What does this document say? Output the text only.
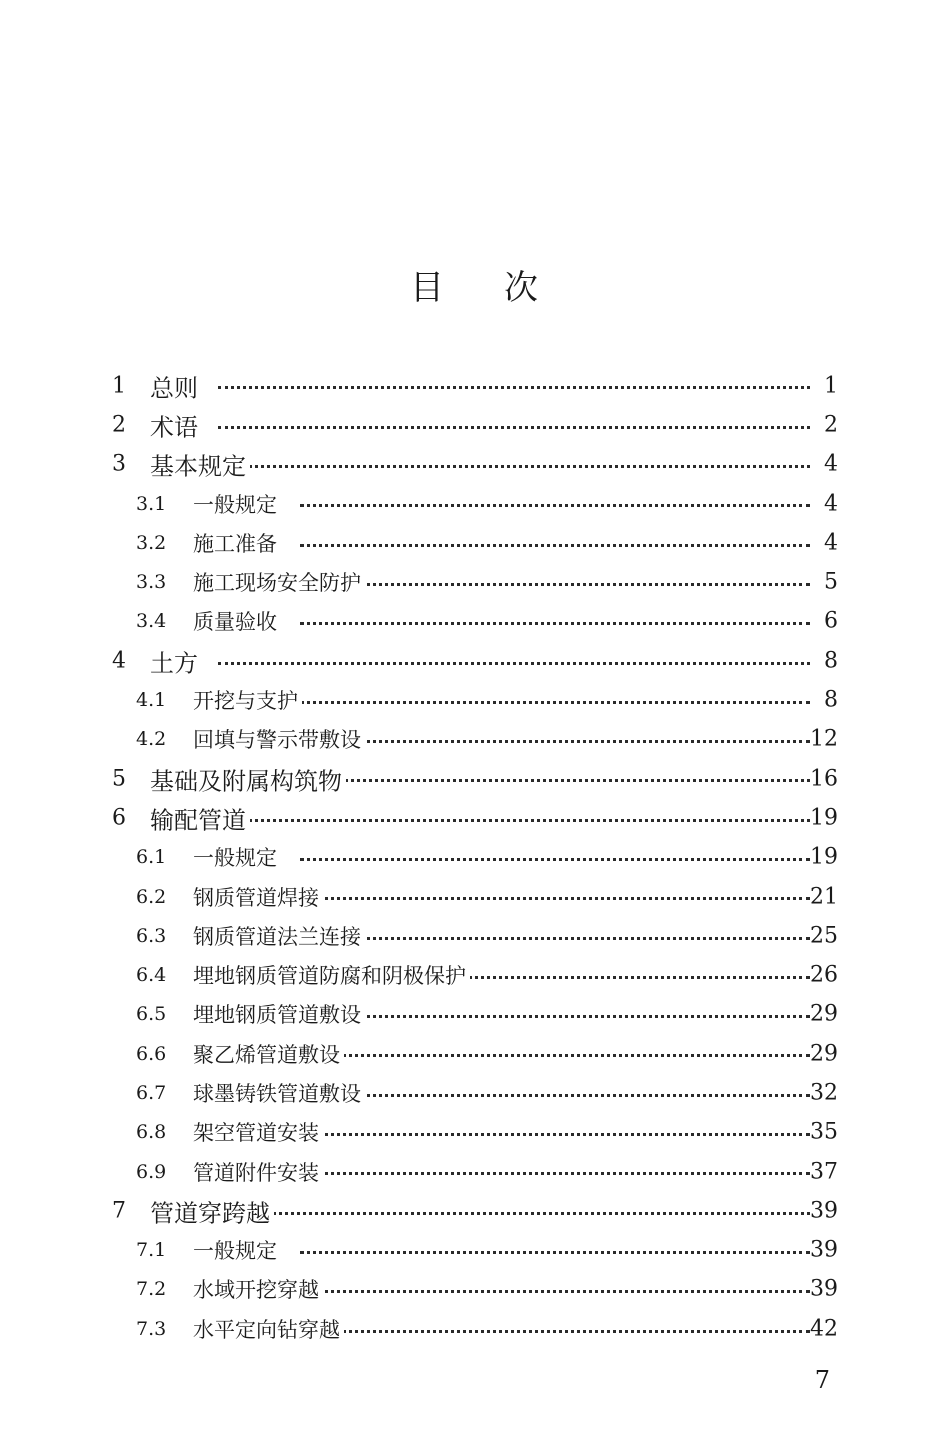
目 次
1 总则	1
2 术语	2
3 基本规定	4
3.1 一般规定	4
3.2 施工准备	4
3.3 施工现场安全防护	5
3.4 质量验收	6
4 土方	8
4.1 开挖与支护	8
4.2 回填与警示带敷设	12
5 基础及附属构筑物	16
6 输配管道	19
6.1 一般规定	19
6.2 钢质管道焊接	21
6.3 钢质管道法兰连接	25
6.4 埋地钢质管道防腐和阴极保护	26
6.5 埋地钢质管道敷设	29
6.6 聚乙烯管道敷设	29
6.7 球墨铸铁管道敷设	32
6.8 架空管道安装	35
6.9 管道附件安装	37
7 管道穿跨越	39
7.1 一般规定	39
7.2 水域开挖穿越	39
7.3 水平定向钻穿越	42
7
